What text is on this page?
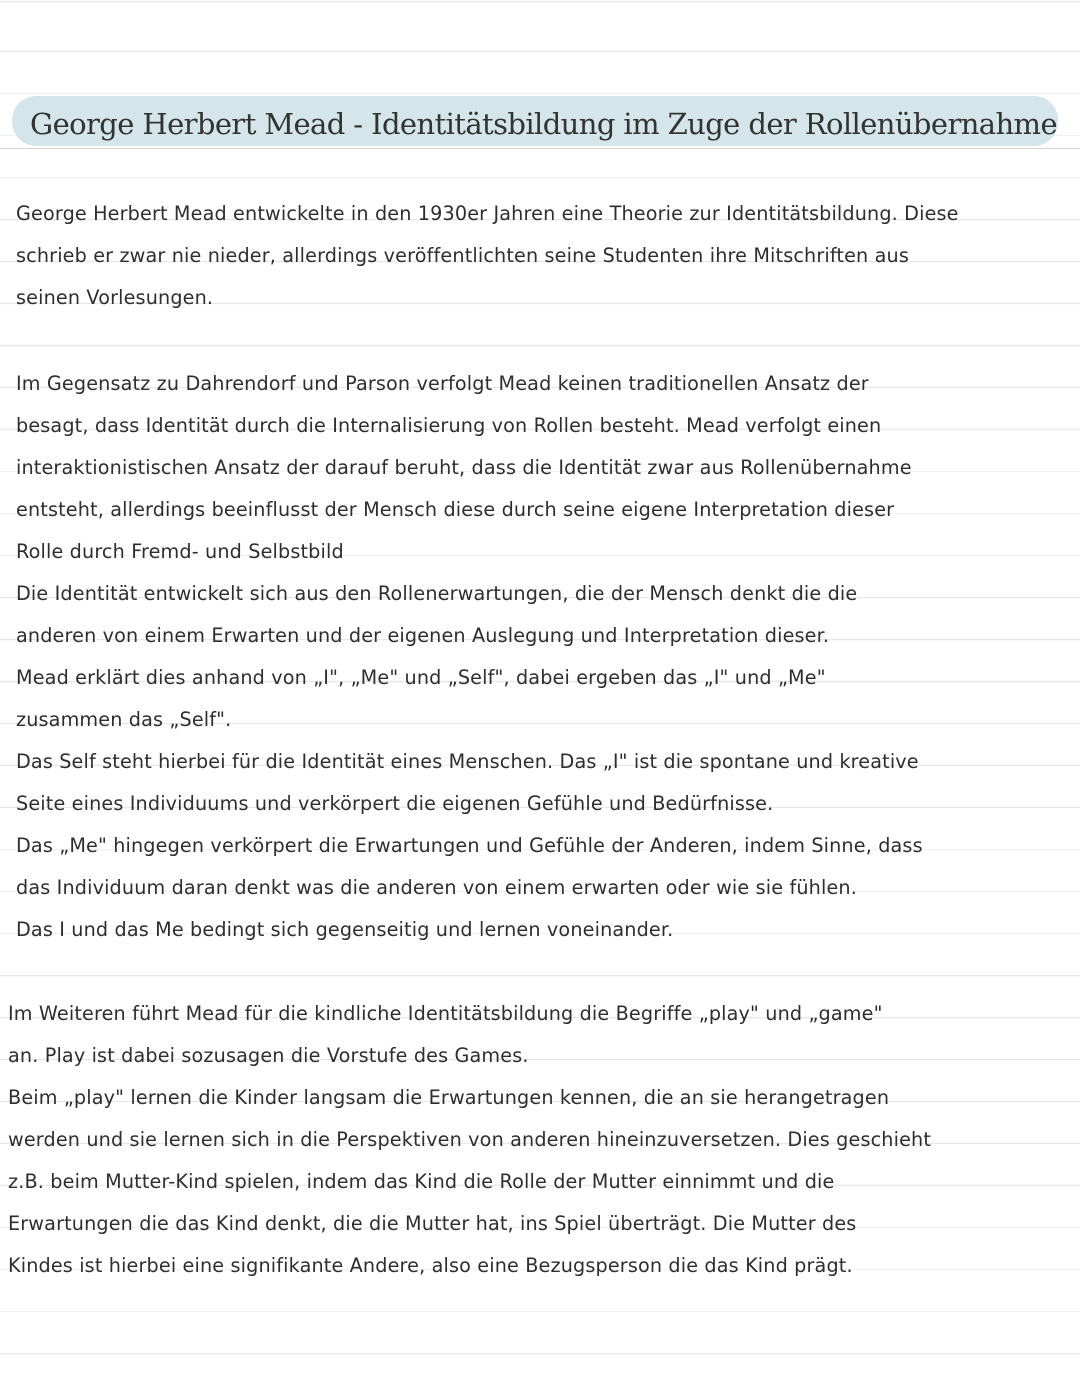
George Herbert Mead - Identitätsbildung im Zuge der Rollenübernahme
George Herbert Mead entwickelte in den 1930er Jahren eine Theorie zur Identitätsbildung. Diese
schrieb er zwar nie nieder, allerdings veröffentlichten seine Studenten ihre Mitschriften aus
seinen Vorlesungen.
Im Gegensatz zu Dahrendorf und Parson verfolgt Mead keinen traditionellen Ansatz der
besagt, dass Identität durch die Internalisierung von Rollen besteht. Mead verfolgt einen
interaktionistischen Ansatz der darauf beruht, dass die Identität zwar aus Rollenübernahme
entsteht, allerdings beeinflusst der Mensch diese durch seine eigene Interpretation dieser
Rolle durch Fremd- und Selbstbild
Die Identität entwickelt sich aus den Rollenerwartungen, die der Mensch denkt die die
anderen von einem Erwarten und der eigenen Auslegung und Interpretation dieser.
Mead erklärt dies anhand von „I", „Me" und „Self", dabei ergeben das „I" und „Me"
zusammen das „Self".
Das Self steht hierbei für die Identität eines Menschen. Das „I" ist die spontane und kreative
Seite eines Individuums und verkörpert die eigenen Gefühle und Bedürfnisse.
Das „Me" hingegen verkörpert die Erwartungen und Gefühle der Anderen, indem Sinne, dass
das Individuum daran denkt was die anderen von einem erwarten oder wie sie fühlen.
Das I und das Me bedingt sich gegenseitig und lernen voneinander.
Im Weiteren führt Mead für die kindliche Identitätsbildung die Begriffe „play" und „game"
an. Play ist dabei sozusagen die Vorstufe des Games.
Beim „play" lernen die Kinder langsam die Erwartungen kennen, die an sie herangetragen
werden und sie lernen sich in die Perspektiven von anderen hineinzuversetzen. Dies geschieht
z.B. beim Mutter-Kind spielen, indem das Kind die Rolle der Mutter einnimmt und die
Erwartungen die das Kind denkt, die die Mutter hat, ins Spiel überträgt. Die Mutter des
Kindes ist hierbei eine signifikante Andere, also eine Bezugsperson die das Kind prägt.
